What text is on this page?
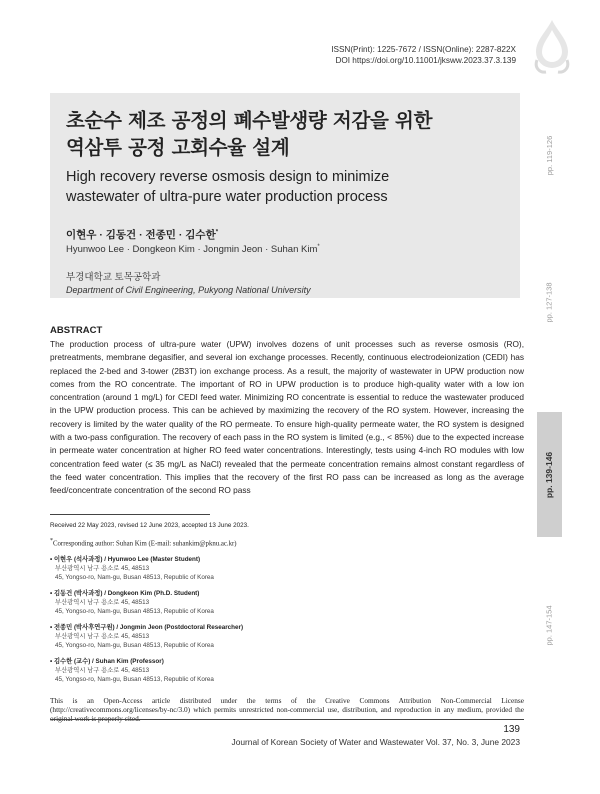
ISSN(Print): 1225-7672 / ISSN(Online): 2287-822X
DOI https://doi.org/10.11001/jksww.2023.37.3.139
초순수 제조 공정의 폐수발생량 저감을 위한
역삼투 공정 고회수율 설계
High recovery reverse osmosis design to minimize
wastewater of ultra-pure water production process
이현우 · 김동건 · 전종민 · 김수한*
Hyunwoo Lee · Dongkeon Kim · Jongmin Jeon · Suhan Kim*
부경대학교 토목공학과
Department of Civil Engineering, Pukyong National University
pp. 119-126
pp. 127-138
pp. 139-146
pp. 147-154
ABSTRACT

The production process of ultra-pure water (UPW) involves dozens of unit processes such as reverse osmosis (RO), pretreatments, membrane degasifier, and several ion exchange processes. Recently, continuous electrodeionization (CEDI) has replaced the 2-bed and 3-tower (2B3T) ion exchange process. As a result, the majority of wastewater in UPW production now comes from the RO concentrate. The important of RO in UPW production is to produce high-quality water with a low ion concentration (around 1 mg/L) for CEDI feed water. Minimizing RO concentrate is essential to reduce the wastewater produced in the UPW production process. This can be achieved by maximizing the recovery of the RO system. However, increasing the recovery is limited by the water quality of the RO permeate. To ensure high-quality permeate water, the RO system is designed with a two-pass configuration. The recovery of each pass in the RO system is limited (e.g., < 85%) due to the expected increase in permeate water concentration at higher RO feed water concentrations. Interestingly, tests using 4-inch RO modules with low concentration feed water (≤ 35 mg/L as NaCl) revealed that the permeate concentration remains almost constant regardless of the feed water concentration. This implies that the recovery of the first RO pass can be increased as long as the average feed/concentrate concentration of the second RO pass

Received 22 May 2023, revised 12 June 2023, accepted 13 June 2023.
*Corresponding author: Suhan Kim (E-mail: suhankim@pknu.ac.kr)
• 이현우 (석사과정) / Hyunwoo Lee (Master Student)
부산광역시 남구 용소로 45, 48513
45, Yongso-ro, Nam-gu, Busan 48513, Republic of Korea
• 김동건 (박사과정) / Dongkeon Kim (Ph.D. Student)
부산광역시 남구 용소로 45, 48513
45, Yongso-ro, Nam-gu, Busan 48513, Republic of Korea
• 전종민 (박사후연구원) / Jongmin Jeon (Postdoctoral Researcher)
부산광역시 남구 용소로 45, 48513
45, Yongso-ro, Nam-gu, Busan 48513, Republic of Korea
• 김수한 (교수) / Suhan Kim (Professor)
부산광역시 남구 용소로 45, 48513
45, Yongso-ro, Nam-gu, Busan 48513, Republic of Korea
This is an Open-Access article distributed under the terms of the Creative Commons Attribution Non-Commercial License (http://creativecommons.org/licenses/by-nc/3.0) which permits unrestricted non-commercial use, distribution, and reproduction in any medium, provided the original work is properly cited.
139
Journal of Korean Society of Water and Wastewater Vol. 37, No. 3, June 2023
